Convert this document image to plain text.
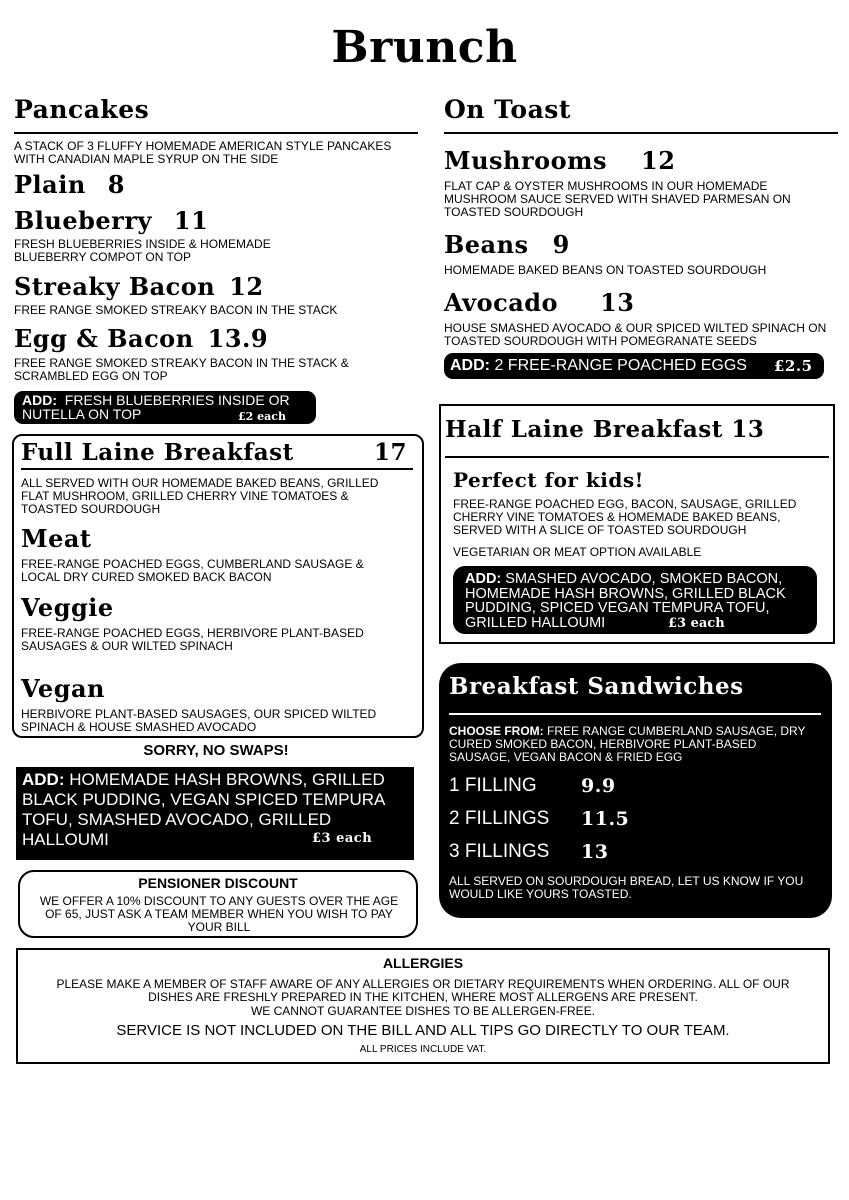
Brunch
Pancakes
A STACK OF 3 FLUFFY HOMEMADE AMERICAN STYLE PANCAKES WITH CANADIAN MAPLE SYRUP ON THE SIDE
Plain 8
Blueberry 11
FRESH BLUEBERRIES INSIDE & HOMEMADE BLUEBERRY COMPOT ON TOP
Streaky Bacon 12
FREE RANGE SMOKED STREAKY BACON IN THE STACK
Egg & Bacon 13.9
FREE RANGE SMOKED STREAKY BACON IN THE STACK & SCRAMBLED EGG ON TOP
ADD: FRESH BLUEBERRIES INSIDE OR NUTELLA ON TOP	£2 each
Full Laine Breakfast	17
ALL SERVED WITH OUR HOMEMADE BAKED BEANS, GRILLED FLAT MUSHROOM, GRILLED CHERRY VINE TOMATOES & TOASTED SOURDOUGH
Meat
FREE-RANGE POACHED EGGS, CUMBERLAND SAUSAGE & LOCAL DRY CURED SMOKED BACK BACON
Veggie
FREE-RANGE POACHED EGGS, HERBIVORE PLANT-BASED SAUSAGES & OUR WILTED SPINACH
Vegan
HERBIVORE PLANT-BASED SAUSAGES, OUR SPICED WILTED SPINACH & HOUSE SMASHED AVOCADO
SORRY, NO SWAPS!
ADD: HOMEMADE HASH BROWNS, GRILLED BLACK PUDDING, VEGAN SPICED TEMPURA TOFU, SMASHED AVOCADO, GRILLED HALLOUMI	£3 each
PENSIONER DISCOUNT
WE OFFER A 10% DISCOUNT TO ANY GUESTS OVER THE AGE OF 65, JUST ASK A TEAM MEMBER WHEN YOU WISH TO PAY YOUR BILL
On Toast
Mushrooms 12
FLAT CAP & OYSTER MUSHROOMS IN OUR HOMEMADE MUSHROOM SAUCE SERVED WITH SHAVED PARMESAN ON TOASTED SOURDOUGH
Beans 9
HOMEMADE BAKED BEANS ON TOASTED SOURDOUGH
Avocado 13
HOUSE SMASHED AVOCADO & OUR SPICED WILTED SPINACH ON TOASTED SOURDOUGH WITH POMEGRANATE SEEDS
ADD: 2 FREE-RANGE POACHED EGGS £2.5
Half Laine Breakfast 13
Perfect for kids!
FREE-RANGE POACHED EGG, BACON, SAUSAGE, GRILLED CHERRY VINE TOMATOES & HOMEMADE BAKED BEANS, SERVED WITH A SLICE OF TOASTED SOURDOUGH
VEGETARIAN OR MEAT OPTION AVAILABLE
ADD: SMASHED AVOCADO, SMOKED BACON, HOMEMADE HASH BROWNS, GRILLED BLACK PUDDING, SPICED VEGAN TEMPURA TOFU, GRILLED HALLOUMI	£3 each
Breakfast Sandwiches
CHOOSE FROM: FREE RANGE CUMBERLAND SAUSAGE, DRY CURED SMOKED BACON, HERBIVORE PLANT-BASED SAUSAGE, VEGAN BACON & FRIED EGG
1 FILLING 9.9
2 FILLINGS 11.5
3 FILLINGS 13
ALL SERVED ON SOURDOUGH BREAD, LET US KNOW IF YOU WOULD LIKE YOURS TOASTED.
ALLERGIES
PLEASE MAKE A MEMBER OF STAFF AWARE OF ANY ALLERGIES OR DIETARY REQUIREMENTS WHEN ORDERING. ALL OF OUR DISHES ARE FRESHLY PREPARED IN THE KITCHEN, WHERE MOST ALLERGENS ARE PRESENT.
WE CANNOT GUARANTEE DISHES TO BE ALLERGEN-FREE.
SERVICE IS NOT INCLUDED ON THE BILL AND ALL TIPS GO DIRECTLY TO OUR TEAM.
ALL PRICES INCLUDE VAT.
